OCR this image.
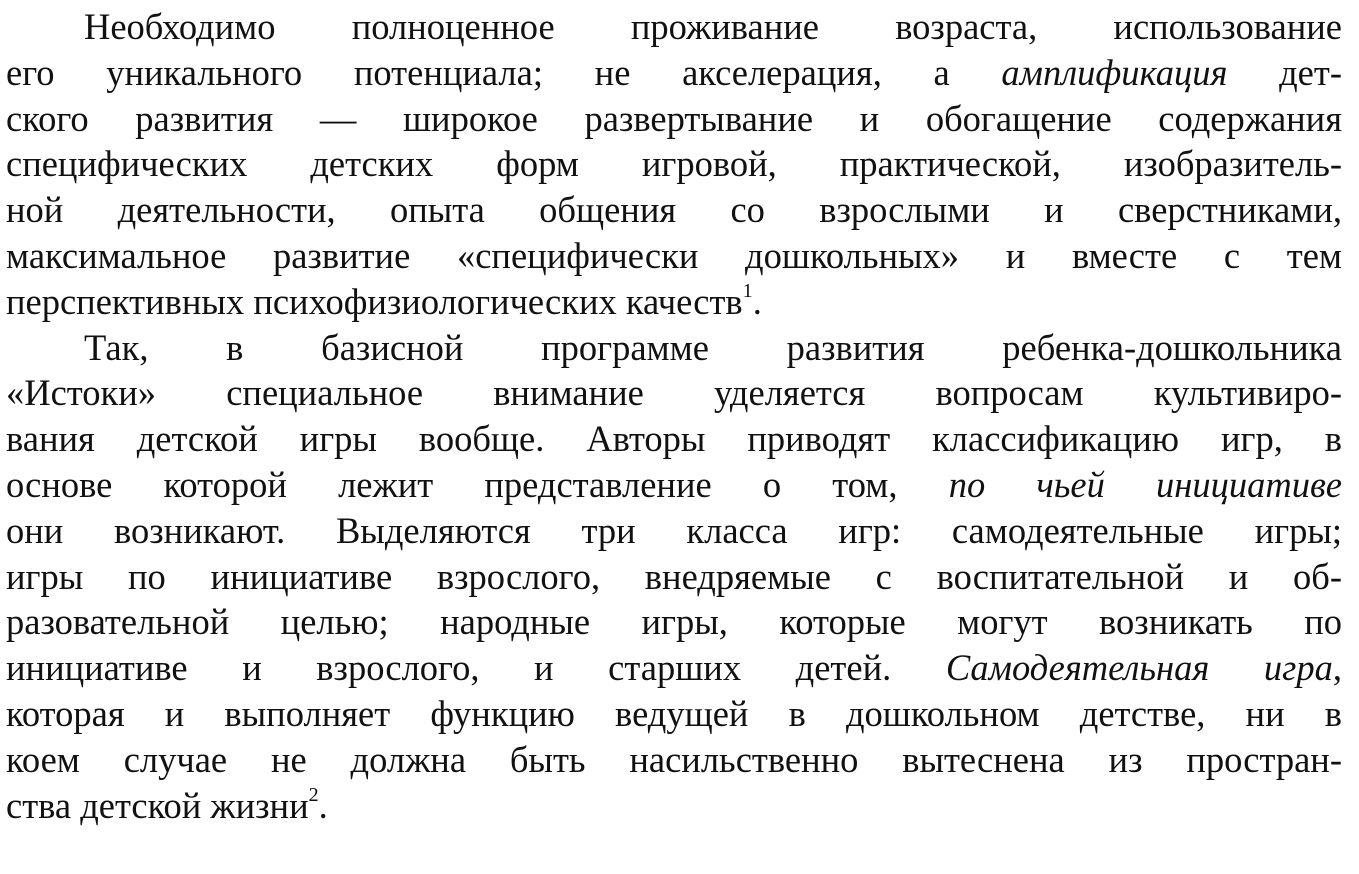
Необходимо полноценное проживание возраста, использование
его уникального потенциала; не акселерация, а амплификация дет-
ского развития — широкое развертывание и обогащение содержания
специфических детских форм игровой, практической, изобразитель-
ной деятельности, опыта общения со взрослыми и сверстниками,
максимальное развитие «специфически дошкольных» и вместе с тем
перспективных психофизиологических качеств$^1$.
Так, в базисной программе развития ребенка-дошкольника
«Истоки» специальное внимание уделяется вопросам культивиро-
вания детской игры вообще. Авторы приводят классификацию игр, в
основе которой лежит представление о том, по чьей инициативе
они возникают. Выделяются три класса игр: самодеятельные игры;
игры по инициативе взрослого, внедряемые с воспитательной и об-
разовательной целью; народные игры, которые могут возникать по
инициативе и взрослого, и старших детей. Самодеятельная игра,
которая и выполняет функцию ведущей в дошкольном детстве, ни в
коем случае не должна быть насильственно вытеснена из простран-
ства детской жизни$^2$.
